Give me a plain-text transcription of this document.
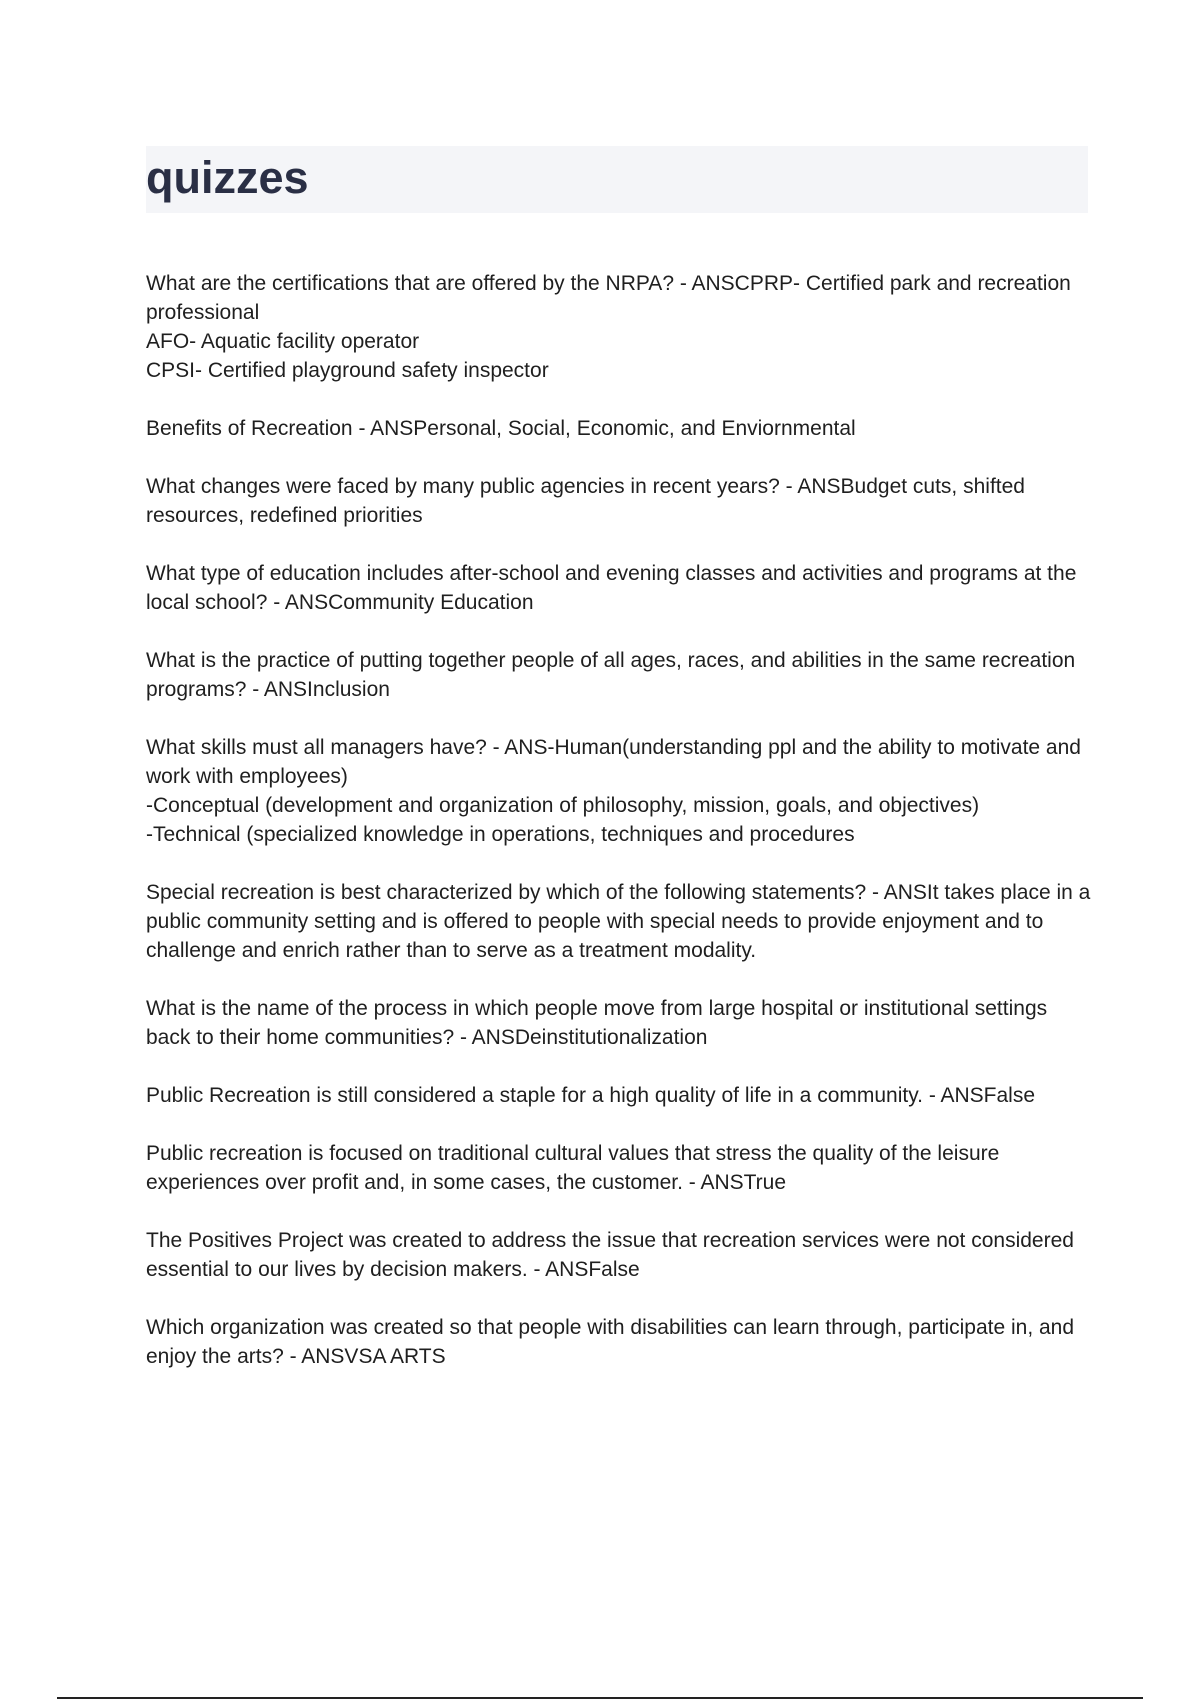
quizzes
What are the certifications that are offered by the NRPA? - ANSCPRP- Certified park and recreation professional
AFO- Aquatic facility operator
CPSI- Certified playground safety inspector
Benefits of Recreation - ANSPersonal, Social, Economic, and Enviornmental
What changes were faced by many public agencies in recent years? - ANSBudget cuts, shifted resources, redefined priorities
What type of education includes after-school and evening classes and activities and programs at the local school? - ANSCommunity Education
What is the practice of putting together people of all ages, races, and abilities in the same recreation programs? - ANSInclusion
What skills must all managers have? - ANS-Human(understanding ppl and the ability to motivate and work with employees)
-Conceptual (development and organization of philosophy, mission, goals, and objectives)
-Technical (specialized knowledge in operations, techniques and procedures
Special recreation is best characterized by which of the following statements? - ANSIt takes place in a public community setting and is offered to people with special needs to provide enjoyment and to challenge and enrich rather than to serve as a treatment modality.
What is the name of the process in which people move from large hospital or institutional settings back to their home communities? - ANSDeinstitutionalization
Public Recreation is still considered a staple for a high quality of life in a community. - ANSFalse
Public recreation is focused on traditional cultural values that stress the quality of the leisure experiences over profit and, in some cases, the customer. - ANSTrue
The Positives Project was created to address the issue that recreation services were not considered essential to our lives by decision makers. - ANSFalse
Which organization was created so that people with disabilities can learn through, participate in, and enjoy the arts? - ANSVSA ARTS
